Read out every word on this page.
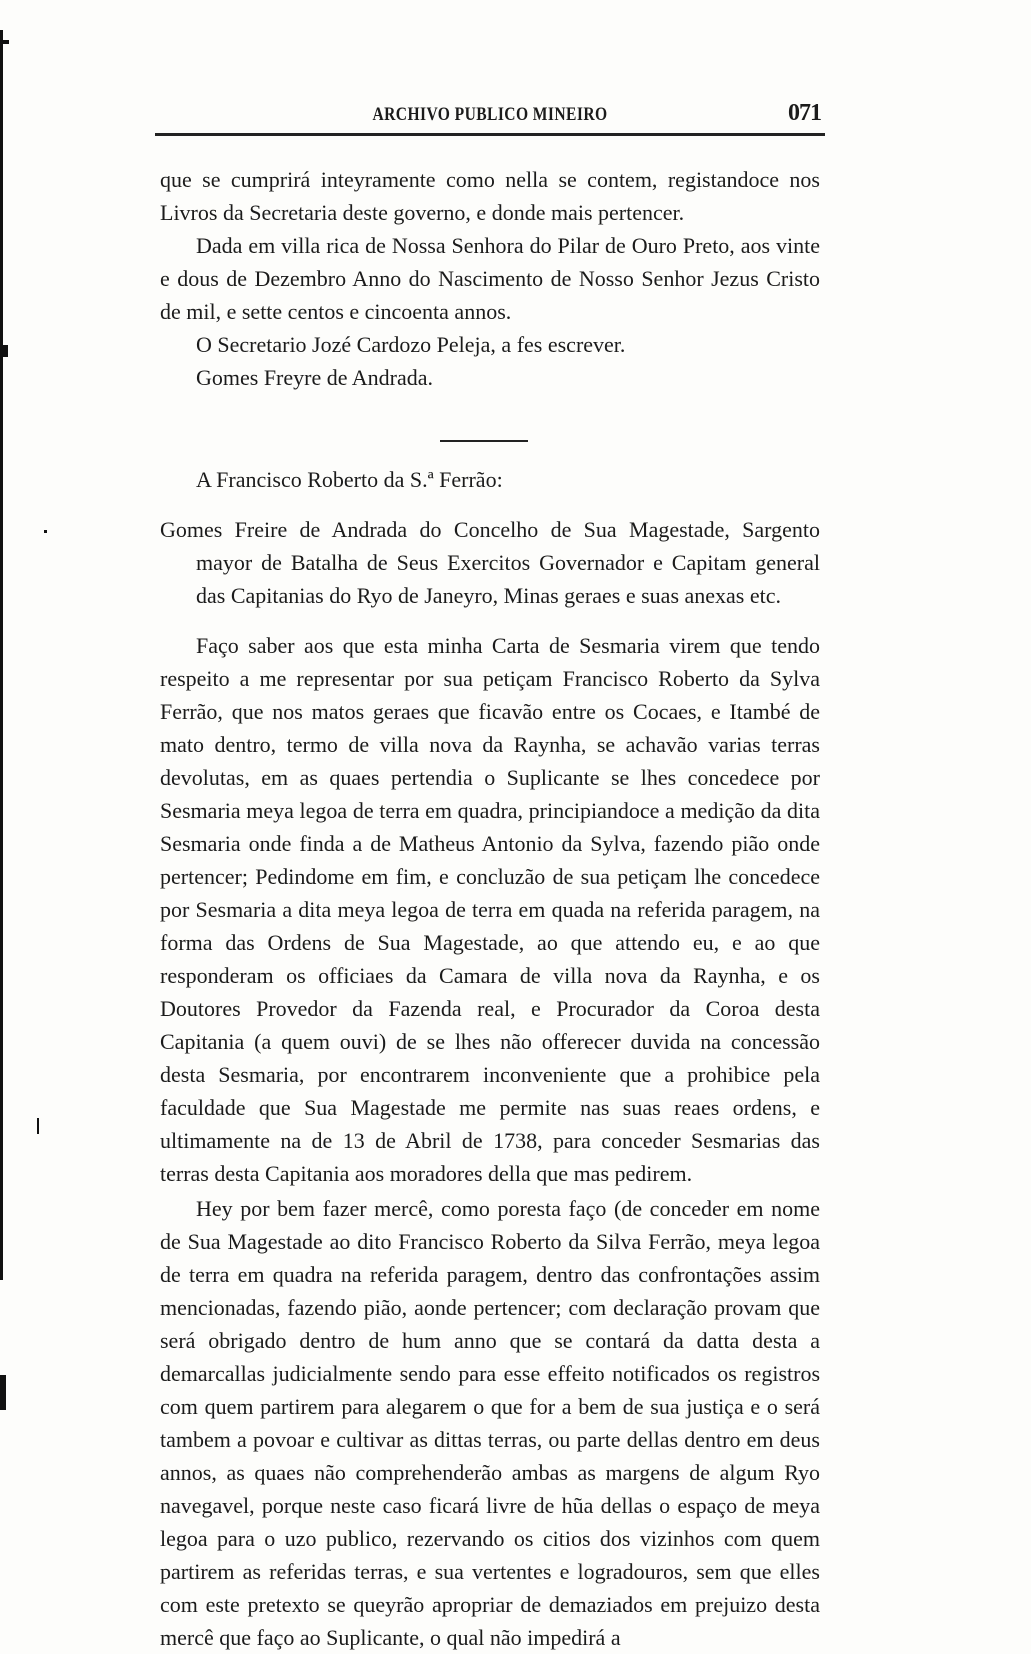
ARCHIVO PUBLICO MINEIRO	071

que se cumprirá inteyramente como nella se contem, registandoce nos Livros da Secretaria deste governo, e donde mais pertencer.

Dada em villa rica de Nossa Senhora do Pilar de Ouro Preto, aos vinte e dous de Dezembro Anno do Nascimento de Nosso Senhor Jezus Cristo de mil, e sette centos e cincoenta annos.

O Secretario Jozé Cardozo Peleja, a fes escrever.

Gomes Freyre de Andrada.

A Francisco Roberto da S.ª Ferrão:

Gomes Freire de Andrada do Concelho de Sua Magestade, Sargento mayor de Batalha de Seus Exercitos Governador e Capitam general das Capitanias do Ryo de Janeyro, Minas geraes e suas anexas etc.

Faço saber aos que esta minha Carta de Sesmaria virem que tendo respeito a me representar por sua petiçam Francisco Roberto da Sylva Ferrão, que nos matos geraes que ficavão entre os Cocaes, e Itambé de mato dentro, termo de villa nova da Raynha, se achavão varias terras devolutas, em as quaes pertendia o Suplicante se lhes concedece por Sesmaria meya legoa de terra em quadra, principiandoce a medição da dita Sesmaria onde finda a de Matheus Antonio da Sylva, fazendo pião onde pertencer; Pedindome em fim, e concluzão de sua petiçam lhe concedece por Sesmaria a dita meya legoa de terra em quada na referida paragem, na forma das Ordens de Sua Magestade, ao que attendo eu, e ao que responderam os officiaes da Camara de villa nova da Raynha, e os Doutores Provedor da Fazenda real, e Procurador da Coroa desta Capitania (a quem ouvi) de se lhes não offerecer duvida na concessão desta Sesmaria, por encontrarem inconveniente que a prohibice pela faculdade que Sua Magestade me permite nas suas reaes ordens, e ultimamente na de 13 de Abril de 1738, para conceder Sesmarias das terras desta Capitania aos moradores della que mas pedirem.

Hey por bem fazer mercê, como poresta faço (de conceder em nome de Sua Magestade ao dito Francisco Roberto da Silva Ferrão, meya legoa de terra em quadra na referida paragem, dentro das confrontações assim mencionadas, fazendo pião, aonde pertencer; com declaração provam que será obrigado dentro de hum anno que se contará da datta desta a demarcallas judicialmente sendo para esse effeito notificados os registros com quem partirem para alegarem o que for a bem de sua justiça e o será tambem a povoar e cultivar as dittas terras, ou parte dellas dentro em deus annos, as quaes não comprehenderão ambas as margens de algum Ryo navegavel, porque neste caso ficará livre de hũa dellas o espaço de meya legoa para o uzo publico, rezervando os citios dos vizinhos com quem partirem as referidas terras, e sua vertentes e logradouros, sem que elles com este pretexto se queyrão apropriar de demaziados em prejuizo desta mercê que faço ao Suplicante, o qual não impedirá a
